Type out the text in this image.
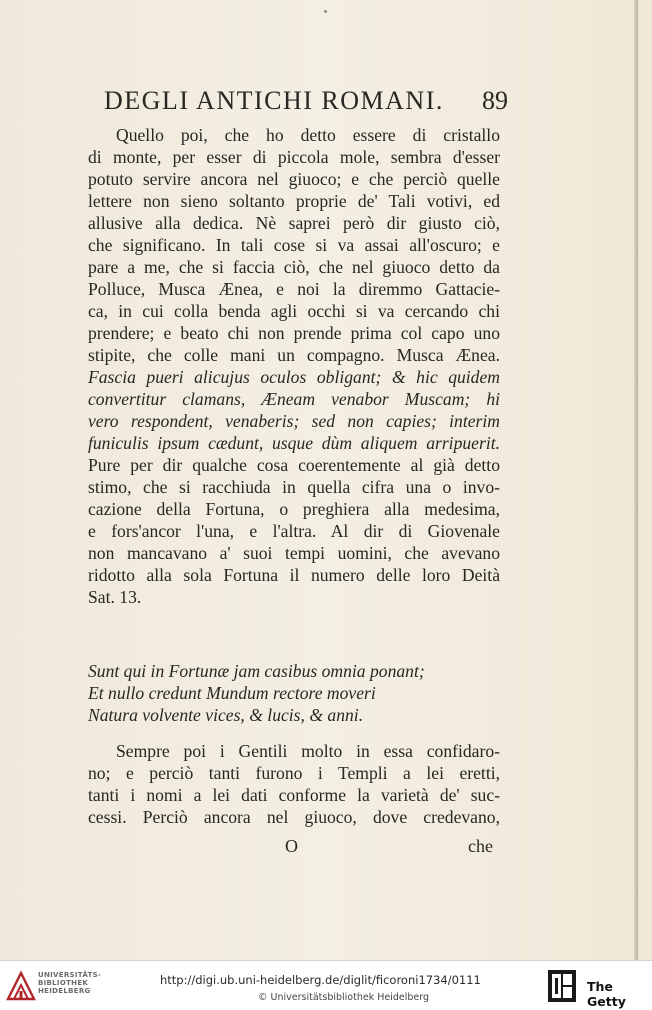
DEGLI ANTICHI ROMANI. 89
Quello poi, che ho detto essere di cristallo
di monte, per esser di piccola mole, sembra d'esser
potuto servire ancora nel giuoco; e che perciò quelle
lettere non sieno soltanto proprie de' Tali votivi, ed
allusive alla dedica. Nè saprei però dir giusto ciò,
che significano. In tali cose si va assai all'oscuro; e
pare a me, che si faccia ciò, che nel giuoco detto da
Polluce, Musca Ænea, e noi la diremmo Gattacie-
ca, in cui colla benda agli occhi si va cercando chi
prendere; e beato chi non prende prima col capo uno
stipite, che colle mani un compagno. Musca Ænea.
Fascia pueri alicujus oculos obligant; & hic quidem
convertitur clamans, Æneam venabor Muscam; hi
vero respondent, venaberis; sed non capies; interim
funiculis ipsum cædunt, usque dùm aliquem arripuerit.
Pure per dir qualche cosa coerentemente al già detto
stimo, che si racchiuda in quella cifra una o invo-
cazione della Fortuna, o preghiera alla medesima,
e fors'ancor l'una, e l'altra. Al dir di Giovenale
non mancavano a' suoi tempi uomini, che avevano
ridotto alla sola Fortuna il numero delle loro Deità
Sat. 13.
Sunt qui in Fortunæ jam casibus omnia ponant;
Et nullo credunt Mundum rectore moveri
Natura volvente vices, & lucis, & anni.
Sempre poi i Gentili molto in essa confidaro-
no; e perciò tanti furono i Templi a lei eretti,
tanti i nomi a lei dati conforme la varietà de' suc-
cessi. Perciò ancora nel giuoco, dove credevano,
O	che
UNIVERSITÄTS-
BIBLIOTHEK
HEIDELBERG
http://digi.ub.uni-heidelberg.de/diglit/ficoroni1734/0111
© Universitätsbibliothek Heidelberg
The Getty
